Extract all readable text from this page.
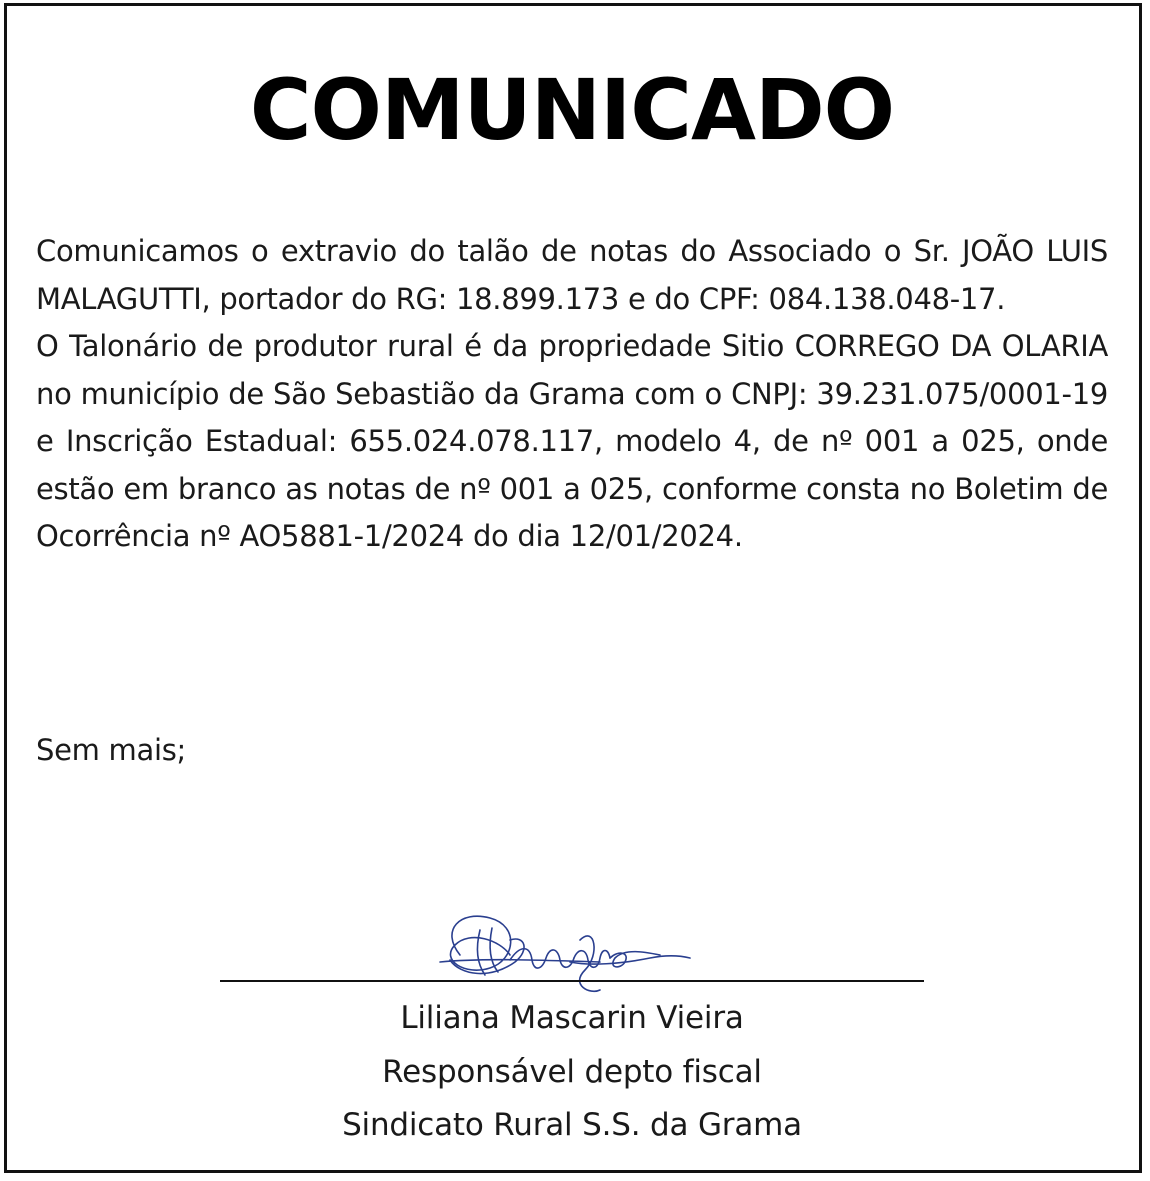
COMUNICADO

Comunicamos o extravio do talão de notas do Associado o Sr. JOÃO LUIS MALAGUTTI, portador do RG: 18.899.173 e do CPF: 084.138.048-17.

O Talonário de produtor rural é da propriedade Sitio CORREGO DA OLARIA no município de São Sebastião da Grama com o CNPJ: 39.231.075/0001-19 e Inscrição Estadual: 655.024.078.117, modelo 4, de nº 001 a 025, onde estão em branco as notas de nº 001 a 025, conforme consta no Boletim de Ocorrência nº AO5881-1/2024 do dia 12/01/2024.

Sem mais;
Liliana Mascarin Vieira
Responsável depto fiscal
Sindicato Rural S.S. da Grama
